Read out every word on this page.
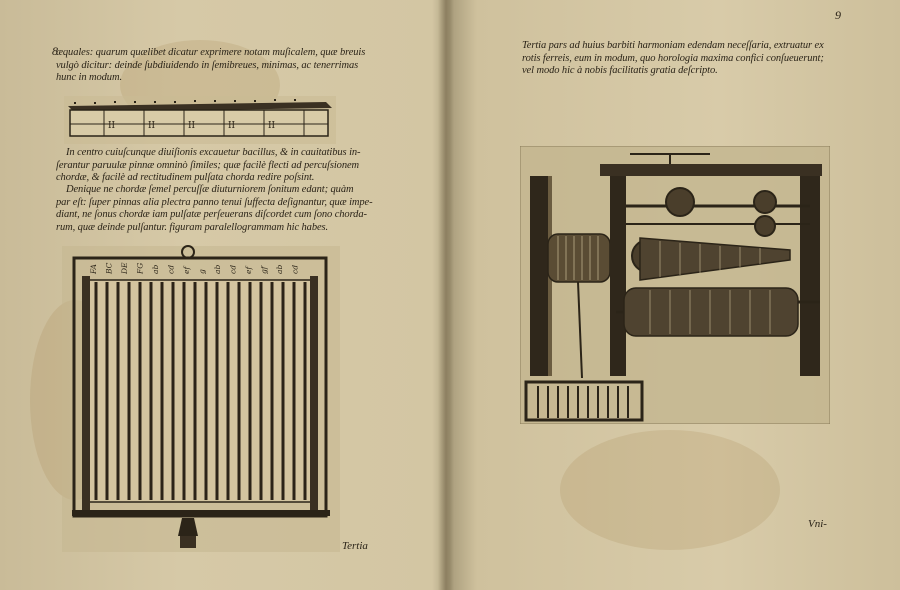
8
æquales: quarum quælibet dicatur exprimere notam muſicalem, quæ breuis
vulgò dicitur: deinde ſubdiuidendo in ſemibreues, minimas, ac tenerrimas
hunc in modum.
II	II	II	II	II
In centro cuiuſcunque diuiſionis excauetur bacillus, & in cauitatibus in-
ſerantur paruulæ pinnæ omninò ſimiles; quæ facilè flecti ad percuſsionem
chordæ, & facilè ad rectitudinem pulſata chorda redire poſsint.
Denique ne chordæ ſemel percuſſæ diuturniorem ſonitum edant; quàm
par eſt: ſuper pinnas alia plectra panno tenui ſuffecta deſignantur, quæ impe-
diant, ne ſonus chordæ iam pulſatæ perſeuerans diſcordet cum ſono chorda-
rum, quæ deinde pulſantur. figuram paralellogrammam hic habes.
FA BC DE FG ab cd ef g ab cd ef gf ab cd
Tertia
9
Tertia pars ad huius barbiti harmoniam edendam neceſſaria, extruatur ex
rotis ferreis, eum in modum, quo horologia maxima confici conſueuerunt;
vel modo hic à nobis facilitatis gratia deſcripto.
Vni-
